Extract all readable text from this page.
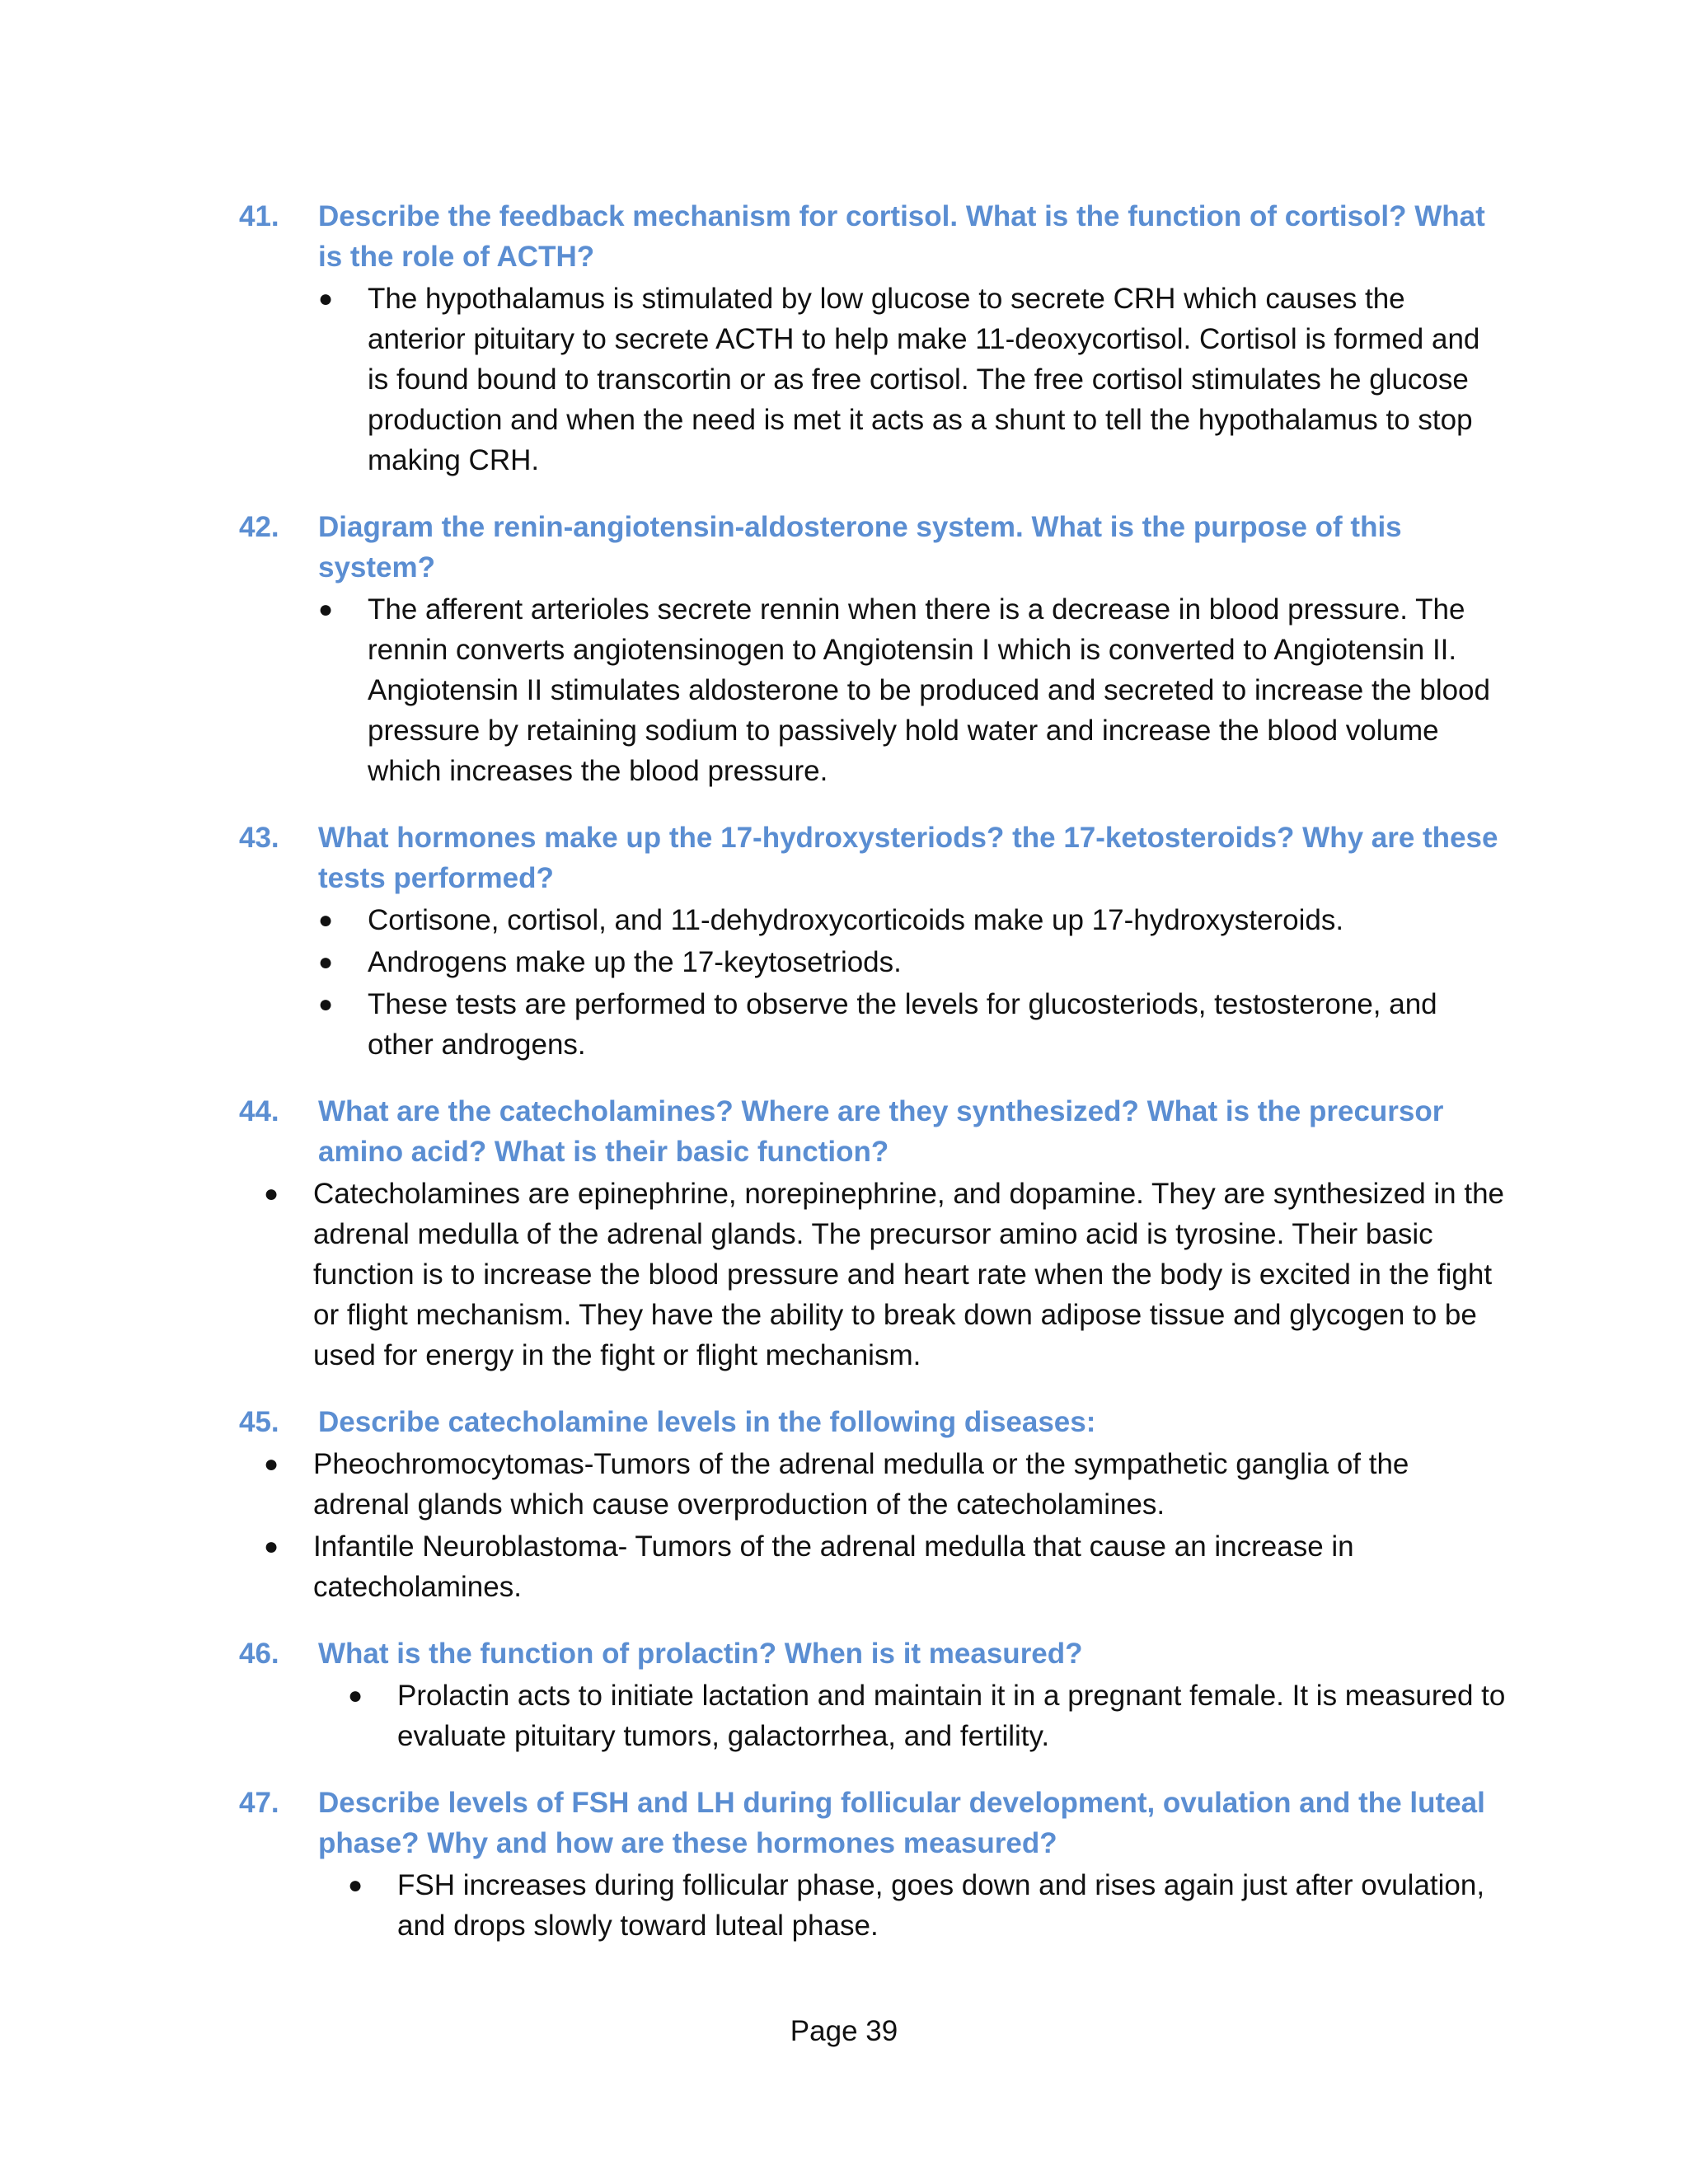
41. Describe the feedback mechanism for cortisol. What is the function of cortisol? What is the role of ACTH?
● The hypothalamus is stimulated by low glucose to secrete CRH which causes the anterior pituitary to secrete ACTH to help make 11-deoxycortisol. Cortisol is formed and is found bound to transcortin or as free cortisol. The free cortisol stimulates he glucose production and when the need is met it acts as a shunt to tell the hypothalamus to stop making CRH.
42. Diagram the renin-angiotensin-aldosterone system. What is the purpose of this system?
● The afferent arterioles secrete rennin when there is a decrease in blood pressure. The rennin converts angiotensinogen to Angiotensin I which is converted to Angiotensin II. Angiotensin II stimulates aldosterone to be produced and secreted to increase the blood pressure by retaining sodium to passively hold water and increase the blood volume which increases the blood pressure.
43. What hormones make up the 17-hydroxysteriods? the 17-ketosteroids? Why are these tests performed?
● Cortisone, cortisol, and 11-dehydroxycorticoids make up 17-hydroxysteroids.
● Androgens make up the 17-keytosetriods.
● These tests are performed to observe the levels for glucosteriods, testosterone, and other androgens.
44. What are the catecholamines? Where are they synthesized? What is the precursor amino acid? What is their basic function?
● Catecholamines are epinephrine, norepinephrine, and dopamine. They are synthesized in the adrenal medulla of the adrenal glands. The precursor amino acid is tyrosine. Their basic function is to increase the blood pressure and heart rate when the body is excited in the fight or flight mechanism. They have the ability to break down adipose tissue and glycogen to be used for energy in the fight or flight mechanism.
45. Describe catecholamine levels in the following diseases:
● Pheochromocytomas-Tumors of the adrenal medulla or the sympathetic ganglia of the adrenal glands which cause overproduction of the catecholamines.
● Infantile Neuroblastoma- Tumors of the adrenal medulla that cause an increase in catecholamines.
46. What is the function of prolactin? When is it measured?
● Prolactin acts to initiate lactation and maintain it in a pregnant female. It is measured to evaluate pituitary tumors, galactorrhea, and fertility.
47. Describe levels of FSH and LH during follicular development, ovulation and the luteal phase? Why and how are these hormones measured?
● FSH increases during follicular phase, goes down and rises again just after ovulation, and drops slowly toward luteal phase.
Page 39
